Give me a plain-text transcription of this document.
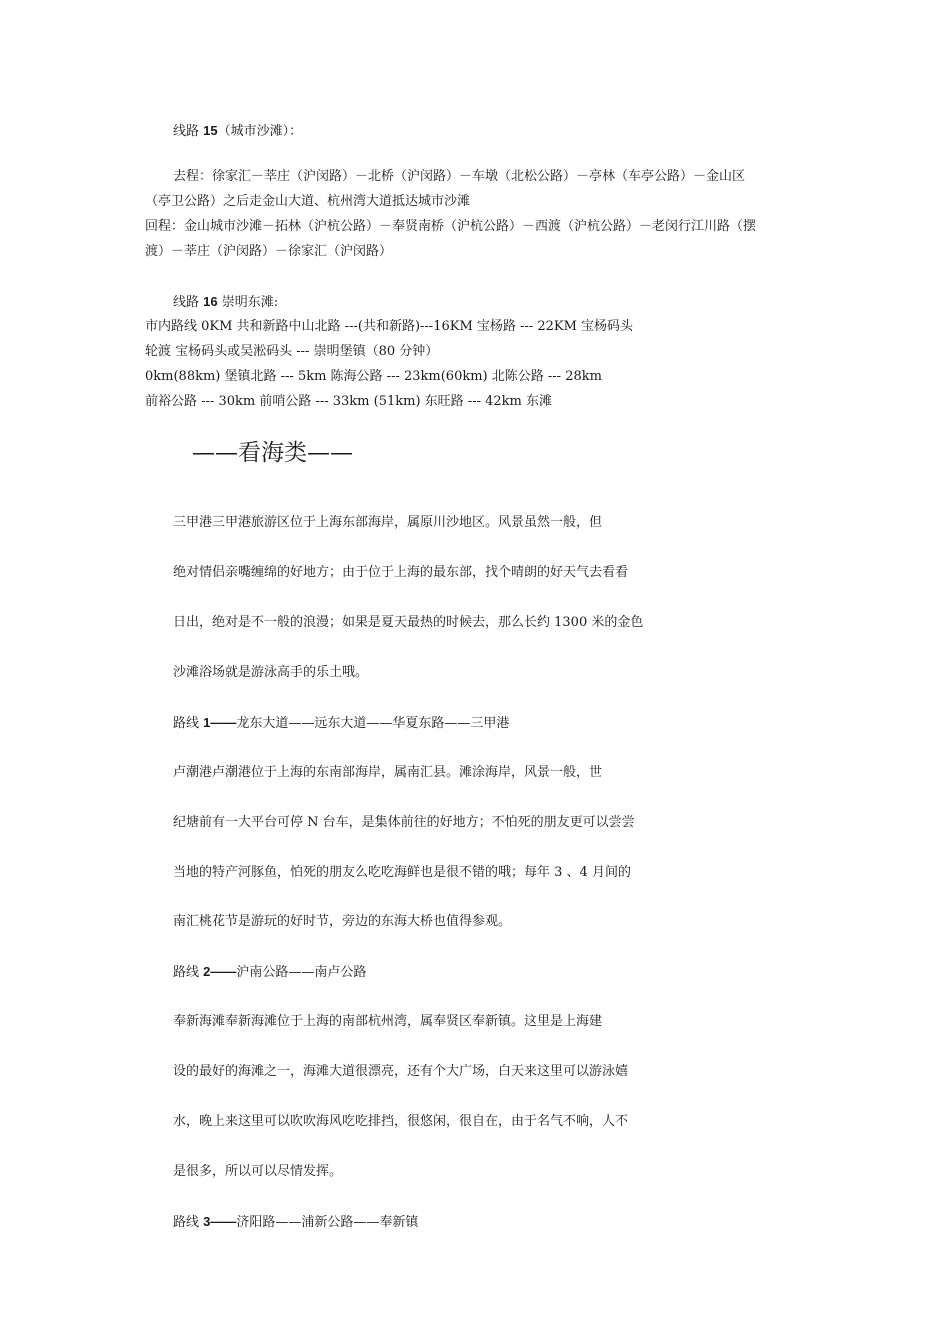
线路 15（城市沙滩）：

去程：徐家汇－莘庄（沪闵路）－北桥（沪闵路）－车墩（北松公路）－亭林（车亭公路）－金山区

（亭卫公路）之后走金山大道、杭州湾大道抵达城市沙滩

回程：金山城市沙滩－拓林（沪杭公路）－奉贤南桥（沪杭公路）－西渡（沪杭公路）－老闵行江川路（摆

渡）－莘庄（沪闵路）－徐家汇（沪闵路）

线路 16 崇明东滩:

市内路线 0KM 共和新路中山北路 ---(共和新路)---16KM 宝杨路 --- 22KM 宝杨码头

轮渡 宝杨码头或吴淞码头 --- 崇明堡镇（80 分钟）

0km(88km) 堡镇北路 --- 5km 陈海公路 --- 23km(60km) 北陈公路 --- 28km

前裕公路 --- 30km 前哨公路 --- 33km (51km) 东旺路 --- 42km 东滩

——看海类——

三甲港三甲港旅游区位于上海东部海岸，属原川沙地区。风景虽然一般，但

绝对情侣亲嘴缠绵的好地方；由于位于上海的最东部，找个晴朗的好天气去看看

日出，绝对是不一般的浪漫；如果是夏天最热的时候去，那么长约 1300 米的金色

沙滩浴场就是游泳高手的乐土哦。

路线 1——龙东大道——远东大道——华夏东路——三甲港

卢潮港卢潮港位于上海的东南部海岸，属南汇县。滩涂海岸，风景一般，世

纪塘前有一大平台可停 N 台车，是集体前往的好地方；不怕死的朋友更可以尝尝

当地的特产河豚鱼，怕死的朋友么吃吃海鲜也是很不错的哦；每年 3 、4 月间的

南汇桃花节是游玩的好时节，旁边的东海大桥也值得参观。

路线 2——沪南公路——南卢公路

奉新海滩奉新海滩位于上海的南部杭州湾，属奉贤区奉新镇。这里是上海建

设的最好的海滩之一，海滩大道很漂亮，还有个大广场，白天来这里可以游泳嬉

水，晚上来这里可以吹吹海风吃吃排挡，很悠闲，很自在，由于名气不响，人不

是很多，所以可以尽情发挥。

路线 3——济阳路——浦新公路——奉新镇
